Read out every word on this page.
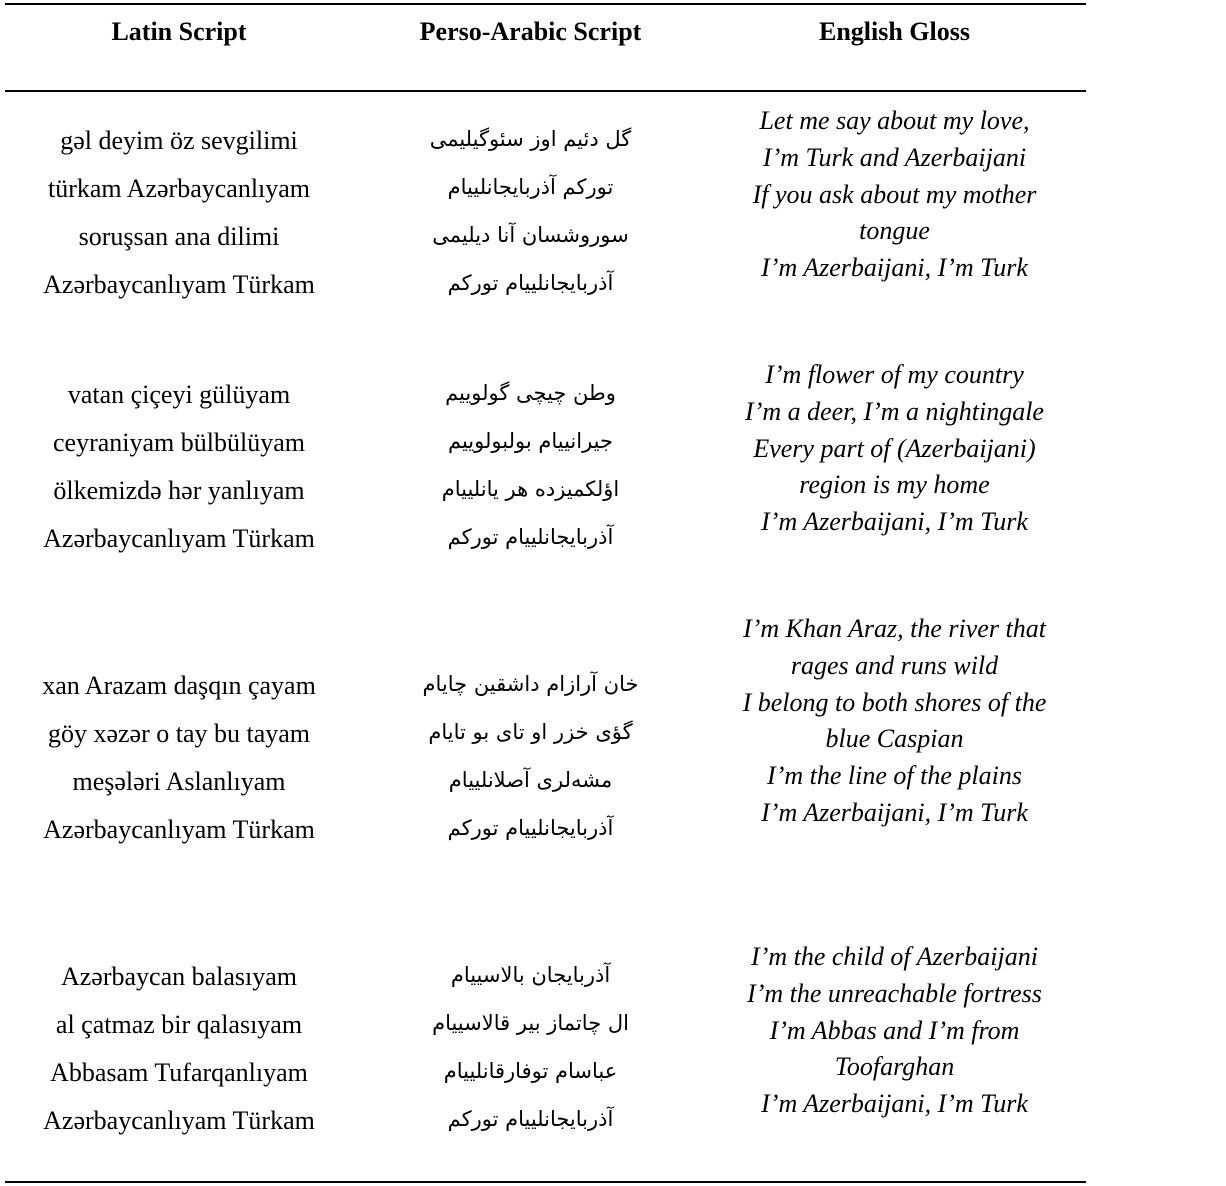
Latin Script	Perso-Arabic Script	English Gloss
gəl deyim öz sevgilimi
türkam Azərbaycanlıyam
soruşsan ana dilimi
Azərbaycanlıyam Türkam
گل دئیم اوز سئوگیلیمی
تورکم آذربایجانلییام
سوروشسان آنا دیلیمی
آذربایجانلییام تورکم
Let me say about my love,
I’m Turk and Azerbaijani
If you ask about my mother tongue
I’m Azerbaijani, I’m Turk
vatan çiçeyi gülüyam
ceyraniyam bülbülüyam
ölkemizdə hər yanlıyam
Azərbaycanlıyam Türkam
وطن چیچی گولوییم
جیرانییام بولبولوییم
اؤلکمیزده هر یانلییام
آذربایجانلییام تورکم
I’m flower of my country
I’m a deer, I’m a nightingale
Every part of (Azerbaijani) region is my home
I’m Azerbaijani, I’m Turk
xan Arazam daşqın çayam
göy xəzər o tay bu tayam
meşələri Aslanlıyam
Azərbaycanlıyam Türkam
خان آرازام داشقین چایام
گؤی خزر او تای بو تایام
مشه‌لری آصلانلییام
آذربایجانلییام تورکم
I’m Khan Araz, the river that rages and runs wild
I belong to both shores of the blue Caspian
I’m the line of the plains
I’m Azerbaijani, I’m Turk
Azərbaycan balasıyam
al çatmaz bir qalasıyam
Abbasam Tufarqanlıyam
Azərbaycanlıyam Türkam
آذربایجان بالاسییام
ال چاتماز بیر قالاسییام
عباسام توفارقانلییام
آذربایجانلییام تورکم
I’m the child of Azerbaijani
I’m the unreachable fortress
I’m Abbas and I’m from Toofarghan
I’m Azerbaijani, I’m Turk
